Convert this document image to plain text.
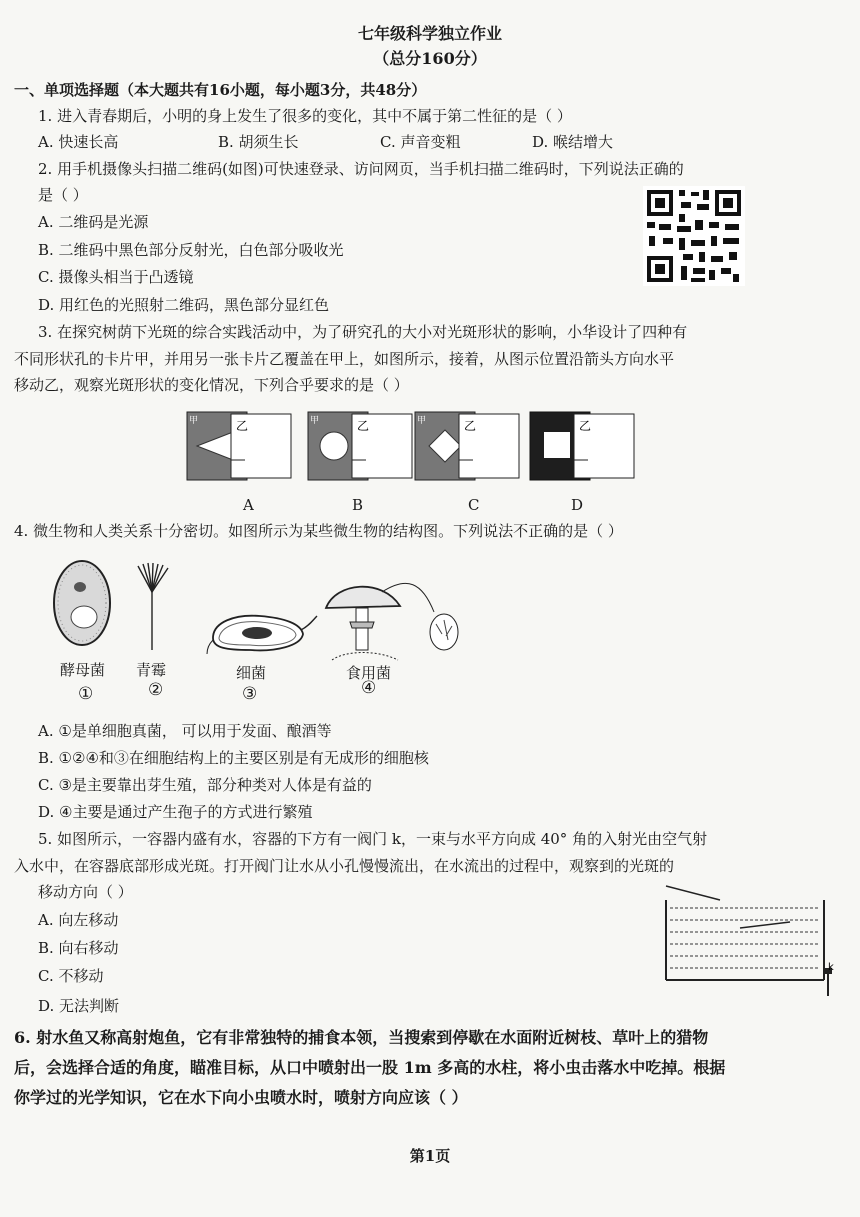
七年级科学独立作业
（总分160分）
一、单项选择题（本大题共有16小题，每小题3分，共48分）
1. 进入青春期后，小明的身上发生了很多的变化，其中不属于第二性征的是（ ）
A. 快速长高	B. 胡须生长	C. 声音变粗	D. 喉结增大
2. 用手机摄像头扫描二维码(如图)可快速登录、访问网页，当手机扫描二维码时，下列说法正确的
是（ ）
A. 二维码是光源
B. 二维码中黑色部分反射光，白色部分吸收光
C. 摄像头相当于凸透镜
D. 用红色的光照射二维码，黑色部分显红色
3. 在探究树荫下光斑的综合实践活动中，为了研究孔的大小对光斑形状的影响，小华设计了四种有
不同形状孔的卡片甲，并用另一张卡片乙覆盖在甲上，如图所示，接着，从图示位置沿箭头方向水平
移动乙，观察光斑形状的变化情况，下列合乎要求的是（ ）
甲	乙	甲	乙	甲	乙	乙
A	B	C	D
4. 微生物和人类关系十分密切。如图所示为某些微生物的结构图。下列说法不正确的是（ ）
酵母菌 青霉	细菌	食用菌
①	②	③	④
A. ①是单细胞真菌， 可以用于发面、酿酒等
B. ①②④和③在细胞结构上的主要区别是有无成形的细胞核
C. ③是主要靠出芽生殖，部分种类对人体是有益的
D. ④主要是通过产生孢子的方式进行繁殖
5. 如图所示，一容器内盛有水，容器的下方有一阀门 k，一束与水平方向成 40° 角的入射光由空气射
入水中，在容器底部形成光斑。打开阀门让水从小孔慢慢流出，在水流出的过程中，观察到的光斑的
移动方向（ ）
A. 向左移动
B. 向右移动
C. 不移动
D. 无法判断
k
6. 射水鱼又称高射炮鱼，它有非常独特的捕食本领，当搜索到停歇在水面附近树枝、草叶上的猎物
后，会选择合适的角度，瞄准目标，从口中喷射出一股 1m 多高的水柱，将小虫击落水中吃掉。根据
你学过的光学知识，它在水下向小虫喷水时，喷射方向应该（ ）
第1页
